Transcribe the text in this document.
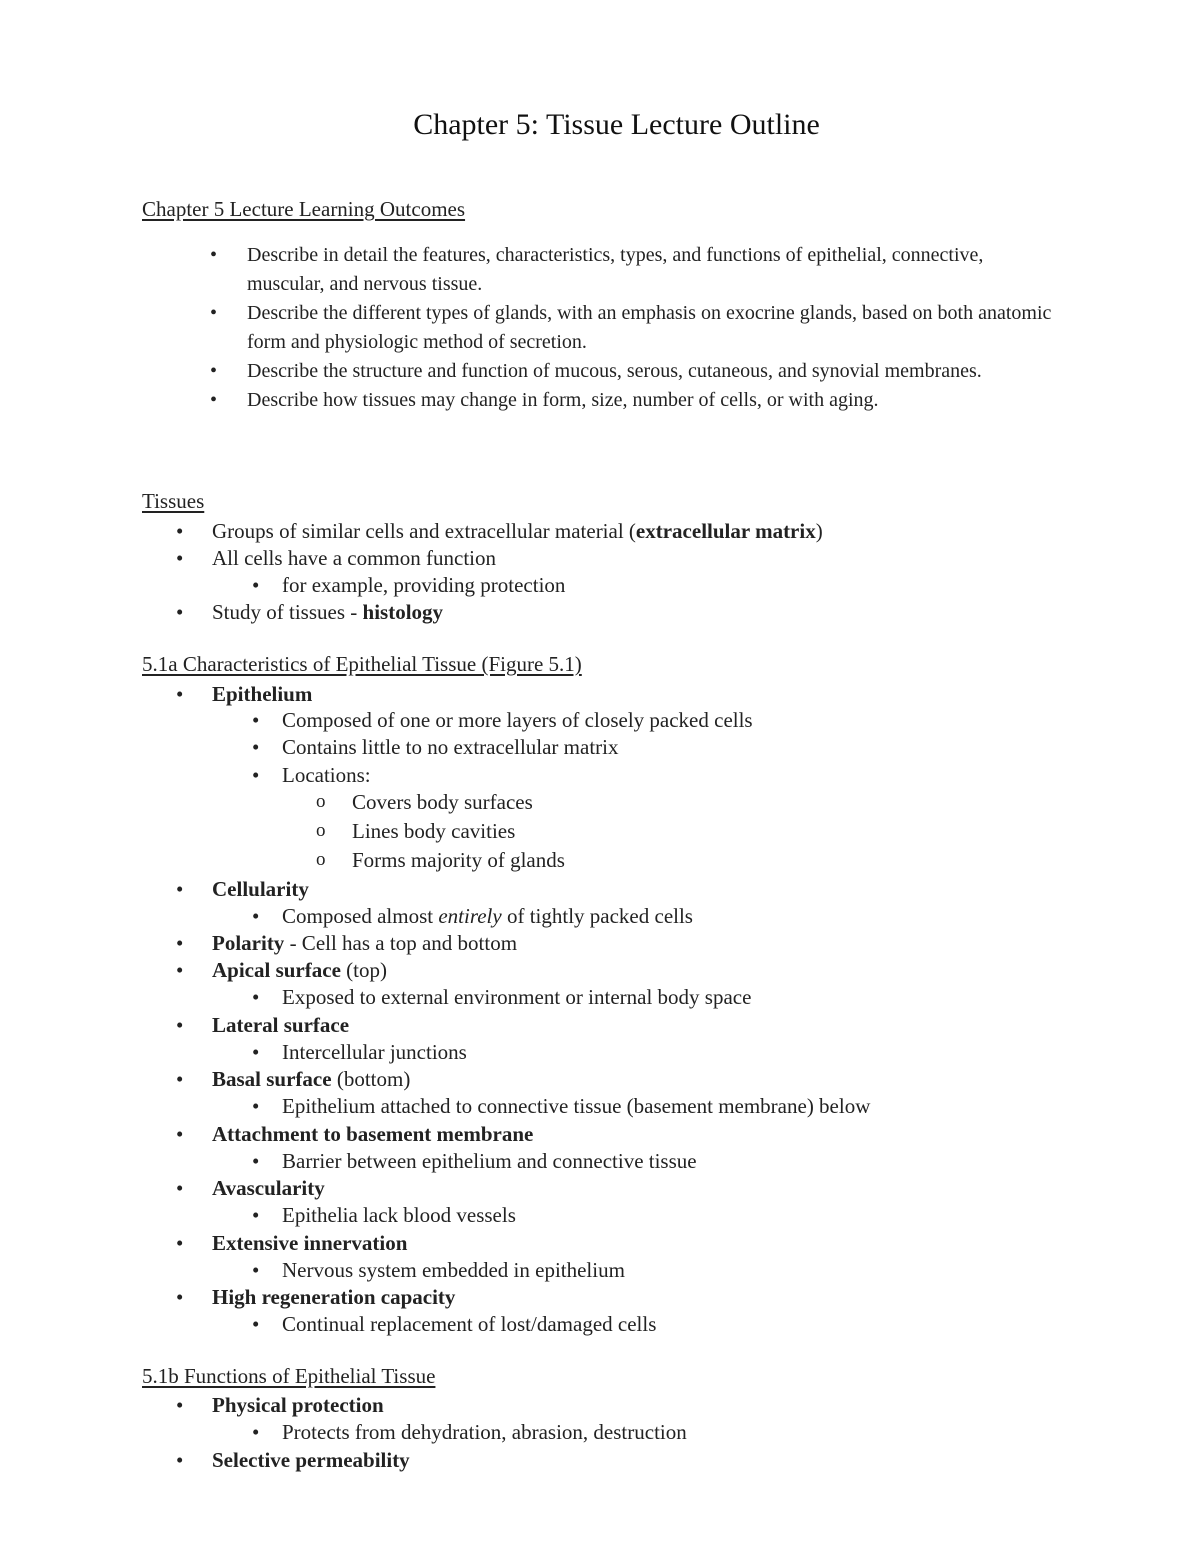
Chapter 5: Tissue Lecture Outline
Chapter 5 Lecture Learning Outcomes
• Describe in detail the features, characteristics, types, and functions of epithelial, connective, muscular, and nervous tissue.
• Describe the different types of glands, with an emphasis on exocrine glands, based on both anatomic form and physiologic method of secretion.
• Describe the structure and function of mucous, serous, cutaneous, and synovial membranes.
• Describe how tissues may change in form, size, number of cells, or with aging.
Tissues
• Groups of similar cells and extracellular material (extracellular matrix)
• All cells have a common function
• for example, providing protection
• Study of tissues - histology
5.1a Characteristics of Epithelial Tissue (Figure 5.1)
• Epithelium
• Composed of one or more layers of closely packed cells
• Contains little to no extracellular matrix
• Locations:
o Covers body surfaces
o Lines body cavities
o Forms majority of glands
• Cellularity
• Composed almost entirely of tightly packed cells
• Polarity - Cell has a top and bottom
• Apical surface (top)
• Exposed to external environment or internal body space
• Lateral surface
• Intercellular junctions
• Basal surface (bottom)
• Epithelium attached to connective tissue (basement membrane) below
• Attachment to basement membrane
• Barrier between epithelium and connective tissue
• Avascularity
• Epithelia lack blood vessels
• Extensive innervation
• Nervous system embedded in epithelium
• High regeneration capacity
• Continual replacement of lost/damaged cells
5.1b Functions of Epithelial Tissue
• Physical protection
• Protects from dehydration, abrasion, destruction
• Selective permeability
